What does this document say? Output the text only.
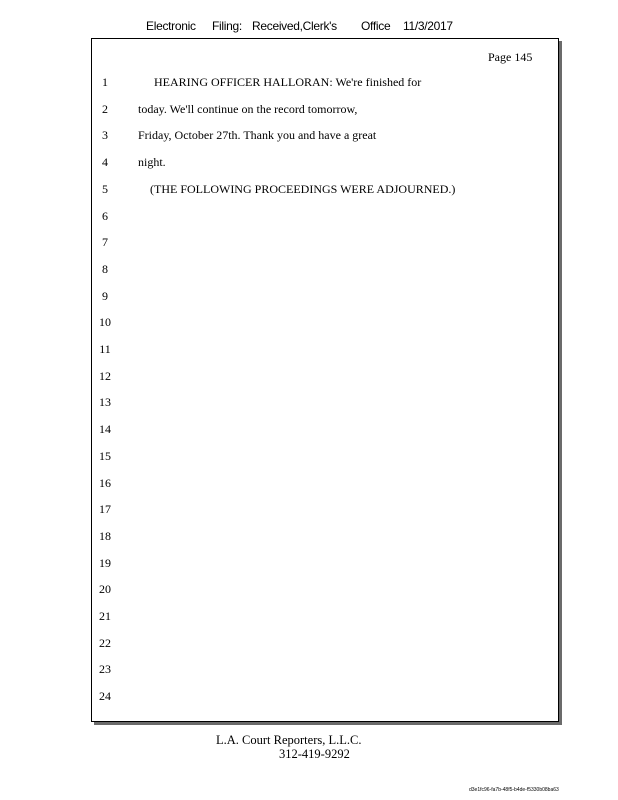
Electronic Filing: Received,Clerk's Office 11/3/2017
Page 145
1	HEARING OFFICER HALLORAN: We're finished for
2	today. We'll continue on the record tomorrow,
3	Friday, October 27th. Thank you and have a great
4	night.
5	(THE FOLLOWING PROCEEDINGS WERE ADJOURNED.)
6
7
8
9
10
11
12
13
14
15
16
17
18
19
20
21
22
23
24
L.A. Court Reporters, L.L.C.
312-419-9292
d3e1fc96-fa7b-48f5-b4de-f5330b08ba63
